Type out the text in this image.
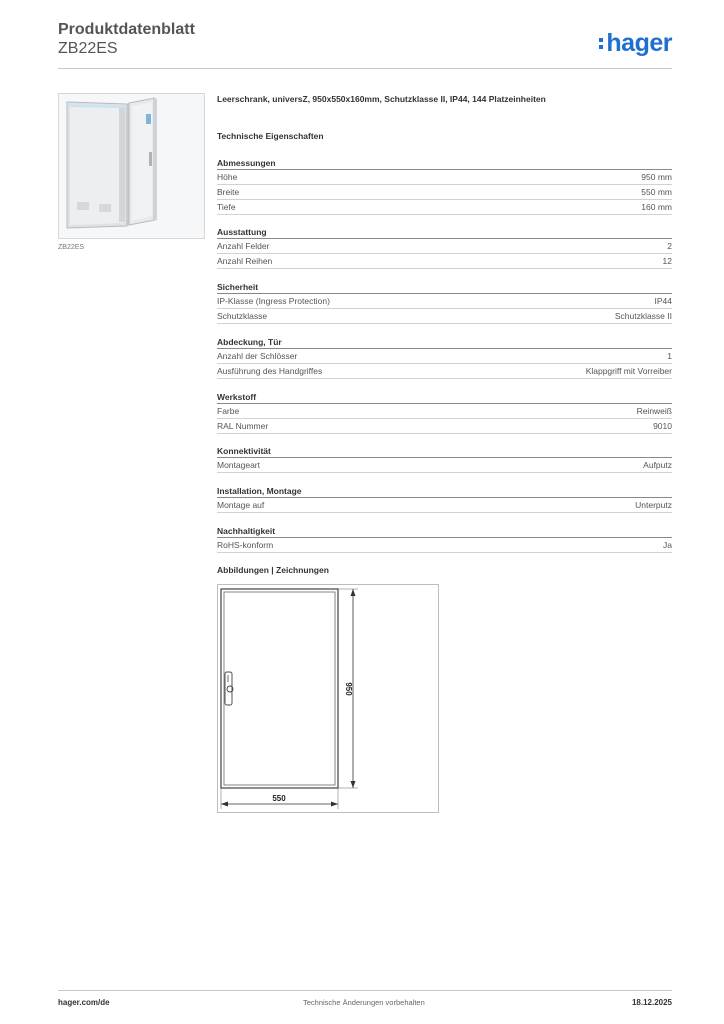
Produktdatenblatt
ZB22ES	hager
ZB22ES
Leerschrank, universZ, 950x550x160mm, Schutzklasse II, IP44, 144 Platzeinheiten
Technische Eigenschaften
Abmessungen
Höhe	950 mm
Breite	550 mm
Tiefe	160 mm
Ausstattung
Anzahl Felder	2
Anzahl Reihen	12
Sicherheit
IP-Klasse (Ingress Protection)	IP44
Schutzklasse	Schutzklasse II
Abdeckung, Tür
Anzahl der Schlösser	1
Ausführung des Handgriffes	Klappgriff mit Vorreiber
Werkstoff
Farbe	Reinweiß
RAL Nummer	9010
Konnektivität
Montageart	Aufputz
Installation, Montage
Montage auf	Unterputz
Nachhaltigkeit
RoHS-konform	Ja
Abbildungen | Zeichnungen
950
550
hager.com/de	Technische Änderungen vorbehalten	18.12.2025
